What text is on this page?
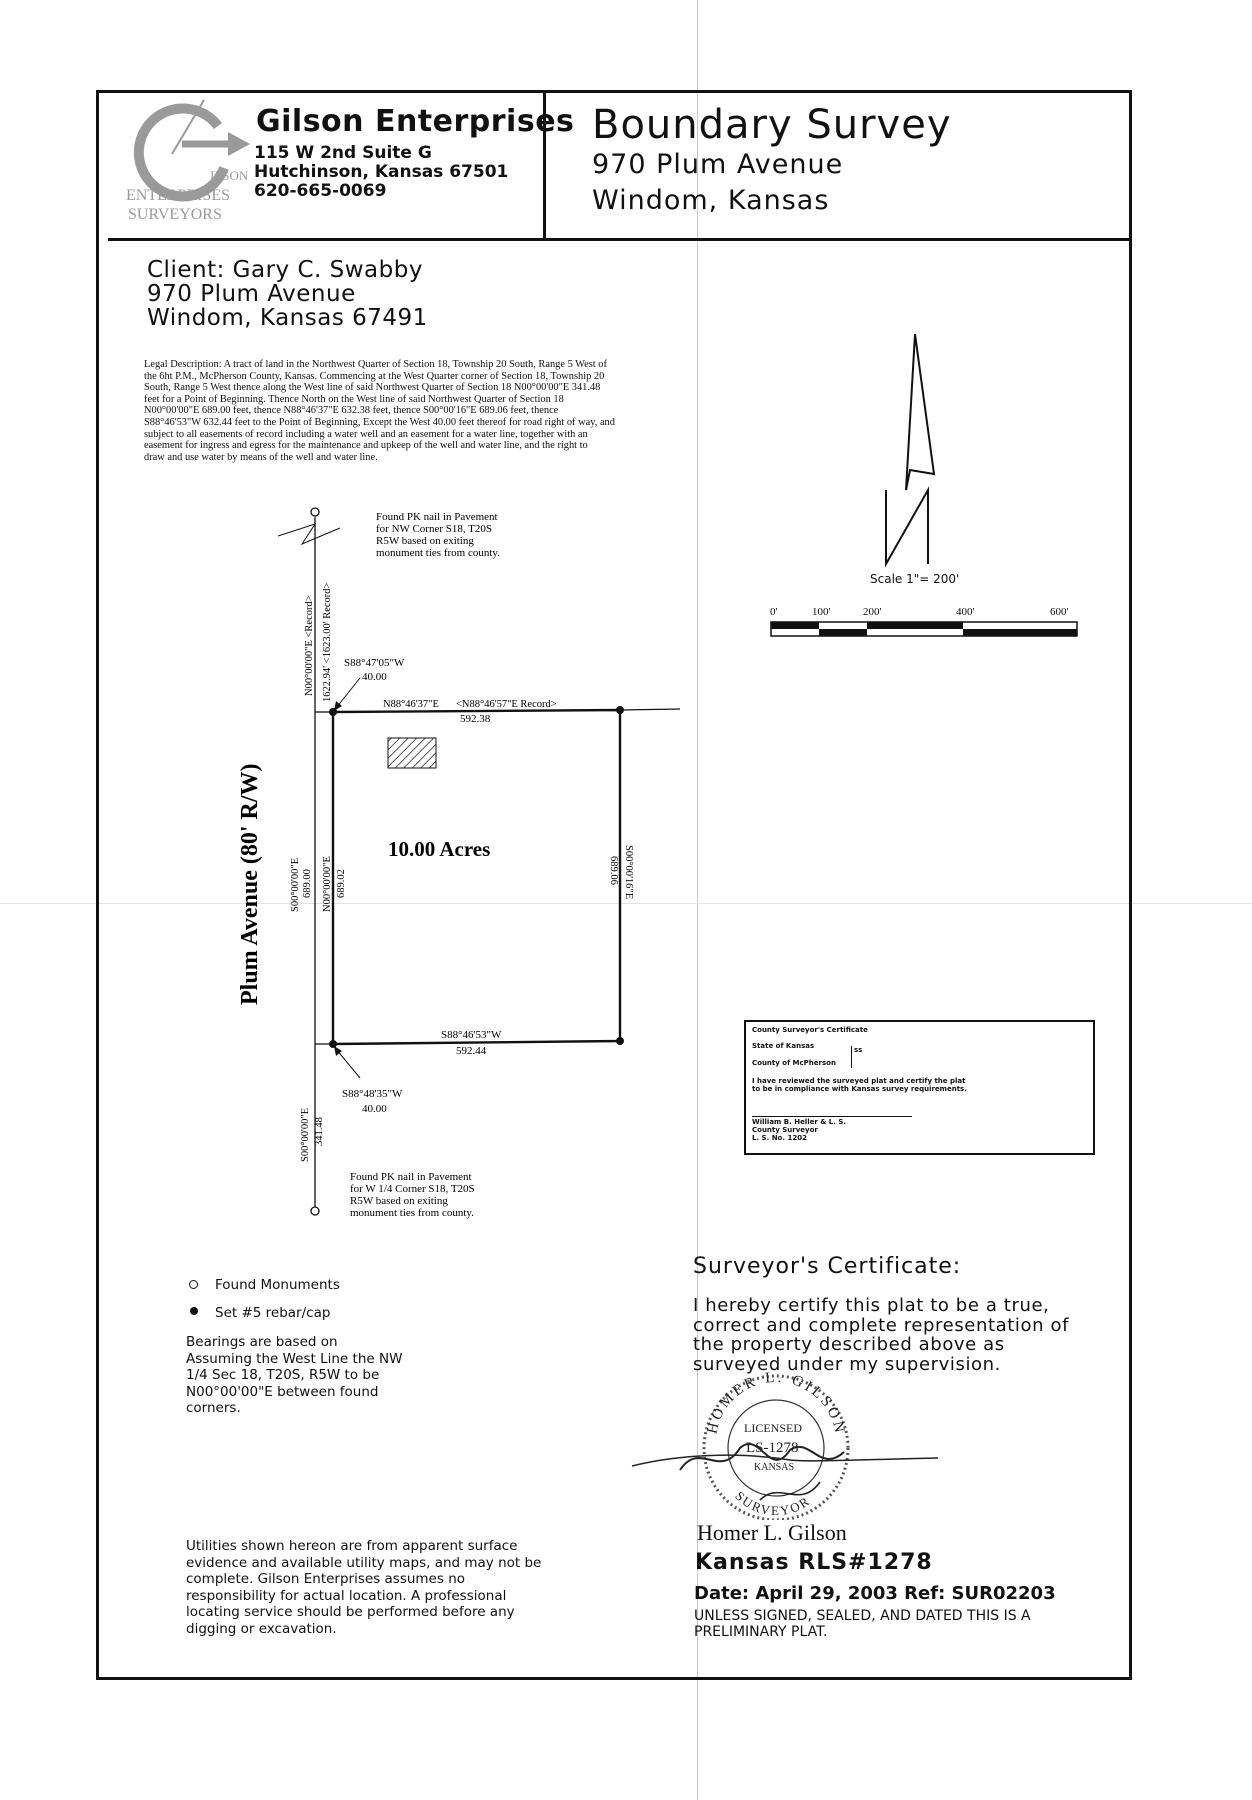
ILSON
ENTERPRISES
SURVEYORS
Gilson Enterprises
115 W 2nd Suite G
Hutchinson, Kansas 67501
620-665-0069
Boundary Survey
970 Plum Avenue
Windom, Kansas
Client: Gary C. Swabby
970 Plum Avenue
Windom, Kansas 67491
Legal Description: A tract of land in the Northwest Quarter of Section 18, Township 20 South, Range 5 West of
the 6ht P.M., McPherson County, Kansas. Commencing at the West Quarter corner of Section 18, Township 20
South, Range 5 West thence along the West line of said Northwest Quarter of Section 18 N00°00'00"E 341.48
feet for a Point of Beginning. Thence North on the West line of said Northwest Quarter of Section 18
N00°00'00"E 689.00 feet, thence N88°46'37"E 632.38 feet, thence S00°00'16"E 689.06 feet, thence
S88°46'53"W 632.44 feet to the Point of Beginning, Except the West 40.00 feet thereof for road right of way, and
subject to all easements of record including a water well and an easement for a water line, together with an
easement for ingress and egress for the maintenance and upkeep of the well and water line, and the right to
draw and use water by means of the well and water line.
Scale 1"= 200'
0'	100'	200'	400'	600'
10.00 Acres
Plum Avenue (80' R/W)
Found PK nail in Pavement
for NW Corner S18, T20S
R5W based on exiting
monument ties from county.
N00°00'00"E <Record> 1622.94' <1623.00' Record> S88°47'05"W
40.00
N88°46'37"E <N88°46'57"E Record>
592.38
S00°00'00"E 689.00 N00°00'00"E 689.02	S00°00'16"E
689.06
S88°46'53"W
592.44
S88°48'35"W
40.00
S00°00'00"E 341.48
Found PK nail in Pavement
for W 1/4 Corner S18, T20S
R5W based on exiting
monument ties from county.
County Surveyor's Certificate
State of Kansas	ss
County of McPherson
I have reviewed the surveyed plat and certify the plat
to be in compliance with Kansas survey requirements.
William B. Heller & L. S.
County Surveyor
L. S. No. 1202
Found Monuments
Set #5 rebar/cap
Bearings are based on
Assuming the West Line the NW
1/4 Sec 18, T20S, R5W to be
N00°00'00"E between found
corners.
Utilities shown hereon are from apparent surface
evidence and available utility maps, and may not be
complete. Gilson Enterprises assumes no
responsibility for actual location. A professional
locating service should be performed before any
digging or excavation.
Surveyor's Certificate:
I hereby certify this plat to be a true,
correct and complete representation of
the property described above as
surveyed under my supervision.
HOMER L. GILSON
SURVEYOR
LICENSED
LS-1278
KANSAS
Homer L. Gilson
Kansas RLS#1278
Date: April 29, 2003 Ref: SUR02203
UNLESS SIGNED, SEALED, AND DATED THIS IS A
PRELIMINARY PLAT.
